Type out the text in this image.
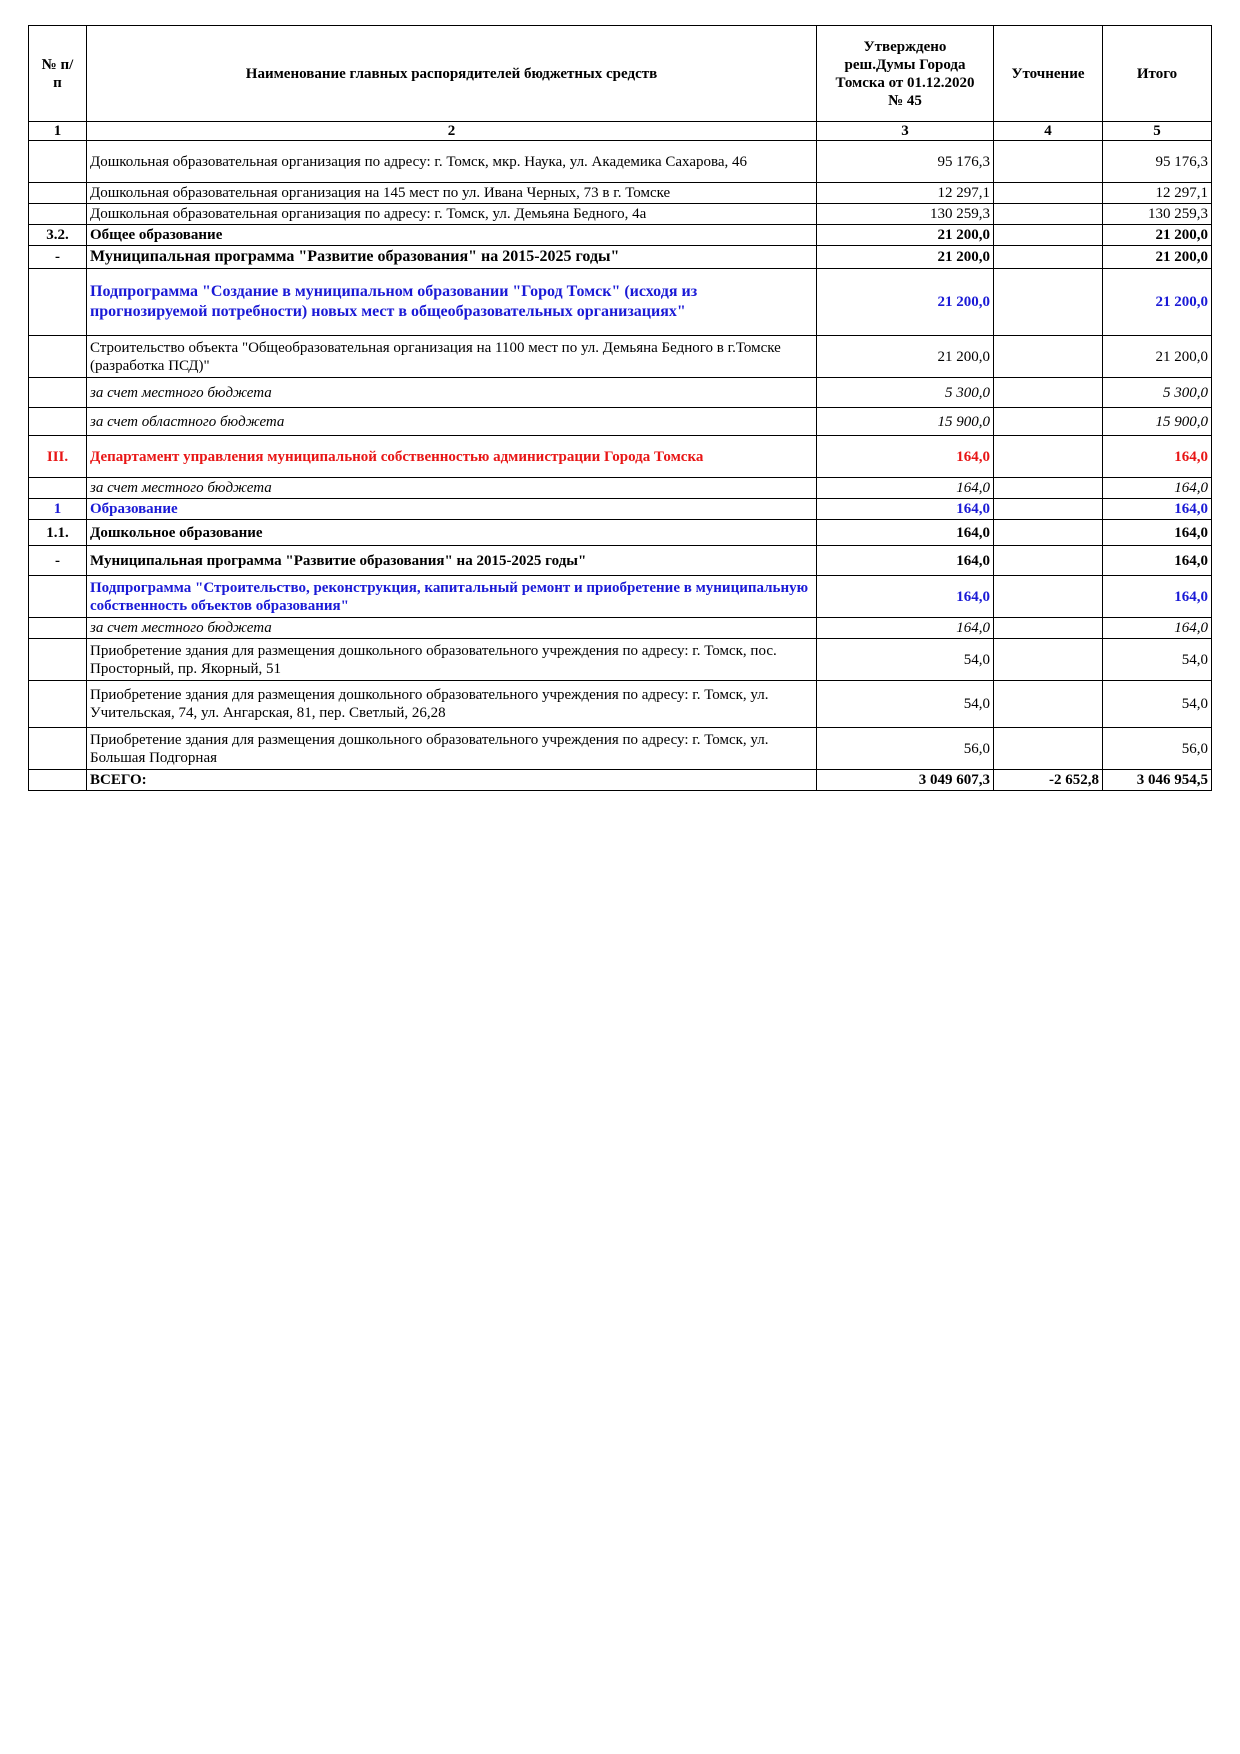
№ п/п	Наименование главных распорядителей бюджетных средств	Утверждено реш.Думы Города Томска от 01.12.2020 № 45	Уточнение	Итого
1	2	3	4	5
	Дошкольная образовательная организация по адресу: г. Томск, мкр. Наука, ул. Академика Сахарова, 46	95 176,3		95 176,3
	Дошкольная образовательная организация на 145 мест по ул. Ивана Черных, 73 в г. Томске	12 297,1		12 297,1
	Дошкольная образовательная организация по адресу: г. Томск, ул. Демьяна Бедного, 4а	130 259,3		130 259,3
3.2.	Общее образование	21 200,0		21 200,0
-	Муниципальная программа "Развитие образования" на 2015-2025 годы"	21 200,0		21 200,0
	Подпрограмма "Создание в муниципальном образовании "Город Томск" (исходя из прогнозируемой потребности) новых мест в общеобразовательных организациях"	21 200,0		21 200,0
	Строительство объекта "Общеобразовательная организация на 1100 мест по ул. Демьяна Бедного в г.Томске (разработка ПСД)"	21 200,0		21 200,0
	за счет местного бюджета	5 300,0		5 300,0
	за счет областного бюджета	15 900,0		15 900,0
III.	Департамент управления муниципальной собственностью администрации Города Томска	164,0		164,0
	за счет местного бюджета	164,0		164,0
1	Образование	164,0		164,0
1.1.	Дошкольное образование	164,0		164,0
-	Муниципальная программа "Развитие образования" на 2015-2025 годы"	164,0		164,0
	Подпрограмма "Строительство, реконструкция, капитальный ремонт и приобретение в муниципальную собственность объектов образования"	164,0		164,0
	за счет местного бюджета	164,0		164,0
	Приобретение здания для размещения дошкольного образовательного учреждения по адресу: г. Томск, пос. Просторный, пр. Якорный, 51	54,0		54,0
	Приобретение здания для размещения дошкольного образовательного учреждения по адресу: г. Томск, ул. Учительская, 74, ул. Ангарская, 81, пер. Светлый, 26,28	54,0		54,0
	Приобретение здания для размещения дошкольного образовательного учреждения по адресу: г. Томск, ул. Большая Подгорная	56,0		56,0
	ВСЕГО:	3 049 607,3	-2 652,8	3 046 954,5
